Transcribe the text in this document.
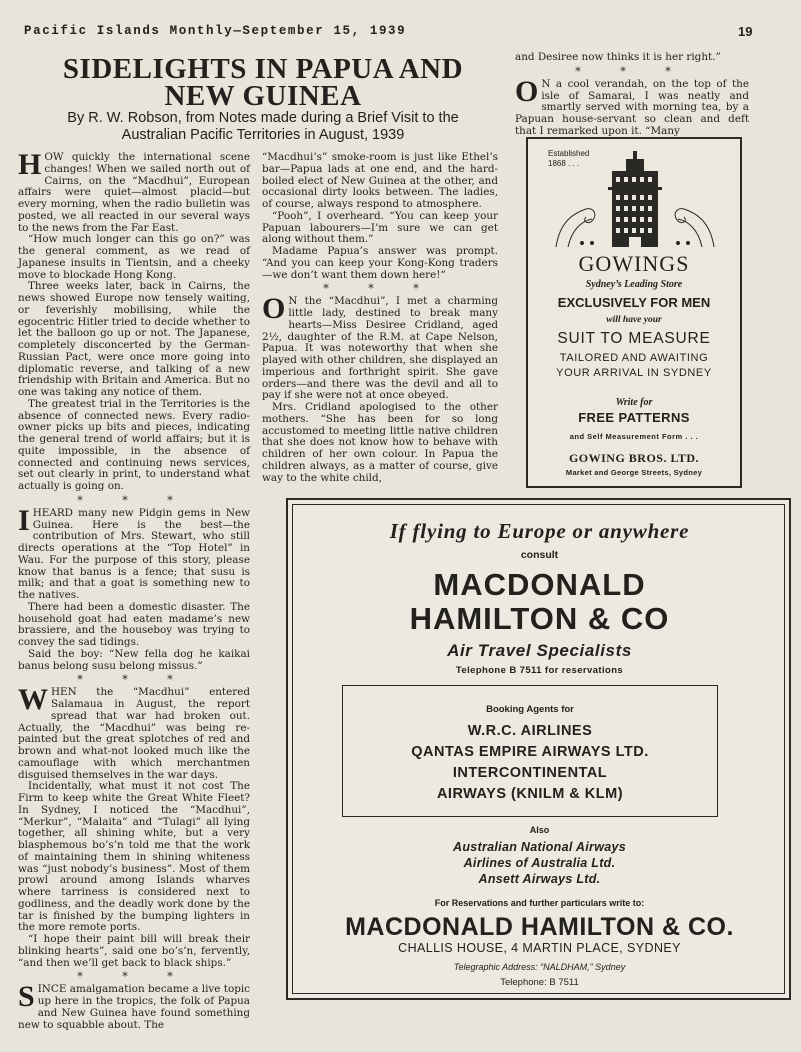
Pacific Islands Monthly—September 15, 1939	19
SIDELIGHTS IN PAPUA AND NEW GUINEA
By R. W. Robson, from Notes made during a Brief Visit to the Australian Pacific Territories in August, 1939

HOW quickly the international scene changes! When we sailed north out of Cairns, on the “Macdhui”, European affairs were quiet—almost placid—but every morning, when the radio bulletin was posted, we all reacted in our several ways to the news from the Far East.

“How much longer can this go on?” was the general comment, as we read of Japanese insults in Tientsin, and a cheeky move to blockade Hong Kong.

Three weeks later, back in Cairns, the news showed Europe now tensely waiting, or feverishly mobilising, while the egocentric Hitler tried to decide whether to let the balloon go up or not. The Japanese, completely disconcerted by the German-Russian Pact, were once more going into diplomatic reverse, and talking of a new friendship with Britain and America. But no one was taking any notice of them.

The greatest trial in the Territories is the absence of connected news. Every radio-owner picks up bits and pieces, indicating the general trend of world affairs; but it is quite impossible, in the absence of connected and continuing news services, set out clearly in print, to understand what actually is going on.

* * *

IHEARD many new Pidgin gems in New Guinea. Here is the best—the contribution of Mrs. Stewart, who still directs operations at the “Top Hotel” in Wau. For the purpose of this story, please know that banus is a fence; that susu is milk; and that a goat is something new to the natives.

There had been a domestic disaster. The household goat had eaten madame’s new brassiere, and the houseboy was trying to convey the sad tidings.

Said the boy: “New fella dog he kaikai banus belong susu belong missus.”

* * *

WHEN the “Macdhui” entered Salamaua in August, the report spread that war had broken out. Actually, the “Macdhui” was being re-painted but the great splotches of red and brown and what-not looked much like the camouflage with which merchantmen disguised themselves in the war days.

Incidentally, what must it not cost The Firm to keep white the Great White Fleet? In Sydney, I noticed the “Macdhui”, “Merkur”, “Malaita” and “Tulagi” all lying together, all shining white, but a very blasphemous bo’s’n told me that the work of maintaining them in shining whiteness was “just nobody’s business”. Most of them prowl around among Islands wharves where tarriness is considered next to godliness, and the deadly work done by the tar is finished by the bumping lighters in the more remote ports.

“I hope their paint bill will break their blinking hearts”, said one bo’s’n, fervently, “and then we’ll get back to black ships.”

* * *

SINCE amalgamation became a live topic up here in the tropics, the folk of Papua and New Guinea have found something new to squabble about. The

“Macdhui’s” smoke-room is just like Ethel’s bar—Papua lads at one end, and the hard-boiled elect of New Guinea at the other, and occasional dirty looks between. The ladies, of course, always respond to atmosphere.

“Pooh”, I overheard. “You can keep your Papuan labourers—I’m sure we can get along without them.”

Madame Papua’s answer was prompt. “And you can keep your Kong-Kong traders—we don’t want them down here!”

* * *

O N the “Macdhui”, I met a charming little lady, destined to break many hearts—Miss Desiree Cridland, aged 2½, daughter of the R.M. at Cape Nelson, Papua. It was noteworthy that when she played with other children, she displayed an imperious and forthright spirit. She gave orders—and there was the devil and all to pay if she were not at once obeyed.

Mrs. Cridland apologised to the other mothers. “She has been for so long accustomed to meeting little native children that she does not know how to behave with children of her own colour. In Papua the children always, as a matter of course, give way to the white child,

and Desiree now thinks it is her right.”

* * *

O N a cool verandah, on the top of the isle of Samarai, I was neatly and smartly served with morning tea, by a Papuan house-servant so clean and deft that I remarked upon it. “Many

Established
1868 . . .
GOWINGS
Sydney’s Leading Store
EXCLUSIVELY FOR MEN
will have your
SUIT TO MEASURE
TAILORED AND AWAITING
YOUR ARRIVAL IN SYDNEY
Write for
FREE PATTERNS
and Self Measurement Form . . .
GOWING BROS. LTD.
Market and George Streets, Sydney
If flying to Europe or anywhere
consult
MACDONALD
HAMILTON & CO
Air Travel Specialists
Telephone B 7511 for reservations
Booking Agents for
W.R.C. AIRLINES
QANTAS EMPIRE AIRWAYS LTD.
INTERCONTINENTAL
AIRWAYS (KNILM & KLM)
Also
Australian National Airways
Airlines of Australia Ltd.
Ansett Airways Ltd.
For Reservations and further particulars write to:
MACDONALD HAMILTON & CO.
CHALLIS HOUSE, 4 MARTIN PLACE, SYDNEY
Telegraphic Address: “NALDHAM,” Sydney
Telephone: B 7511
